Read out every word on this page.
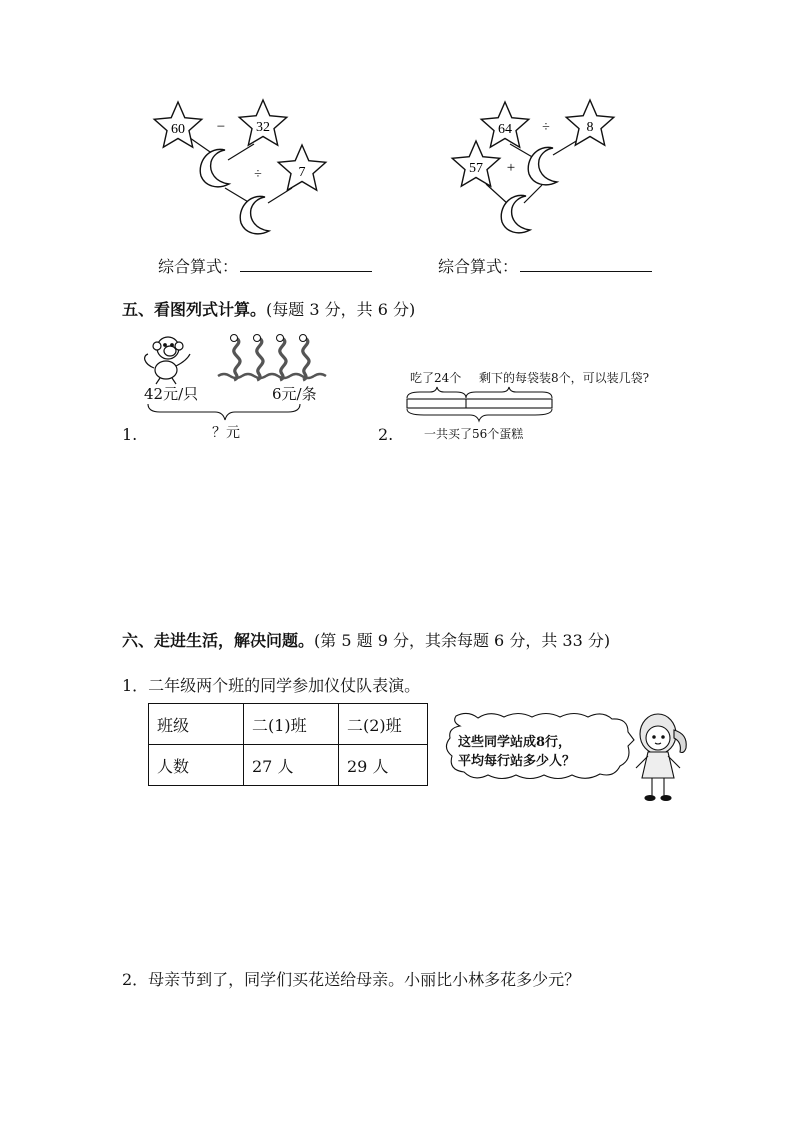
60	32
7
−
÷
64	8
57
÷
+
综合算式：	综合算式：
五、看图列式计算。(每题 3 分，共 6 分)
42元/只	6元/条
1.	？元
吃了24个 剩下的每袋装8个，可以装几袋?
2.	一共买了56个蛋糕
六、走进生活，解决问题。(第 5 题 9 分，其余每题 6 分，共 33 分)
1．二年级两个班的同学参加仪仗队表演。
班级	二(1)班	二(2)班
人数	27 人	29 人
这些同学站成8行，
平均每行站多少人？
2．母亲节到了，同学们买花送给母亲。小丽比小林多花多少元？
